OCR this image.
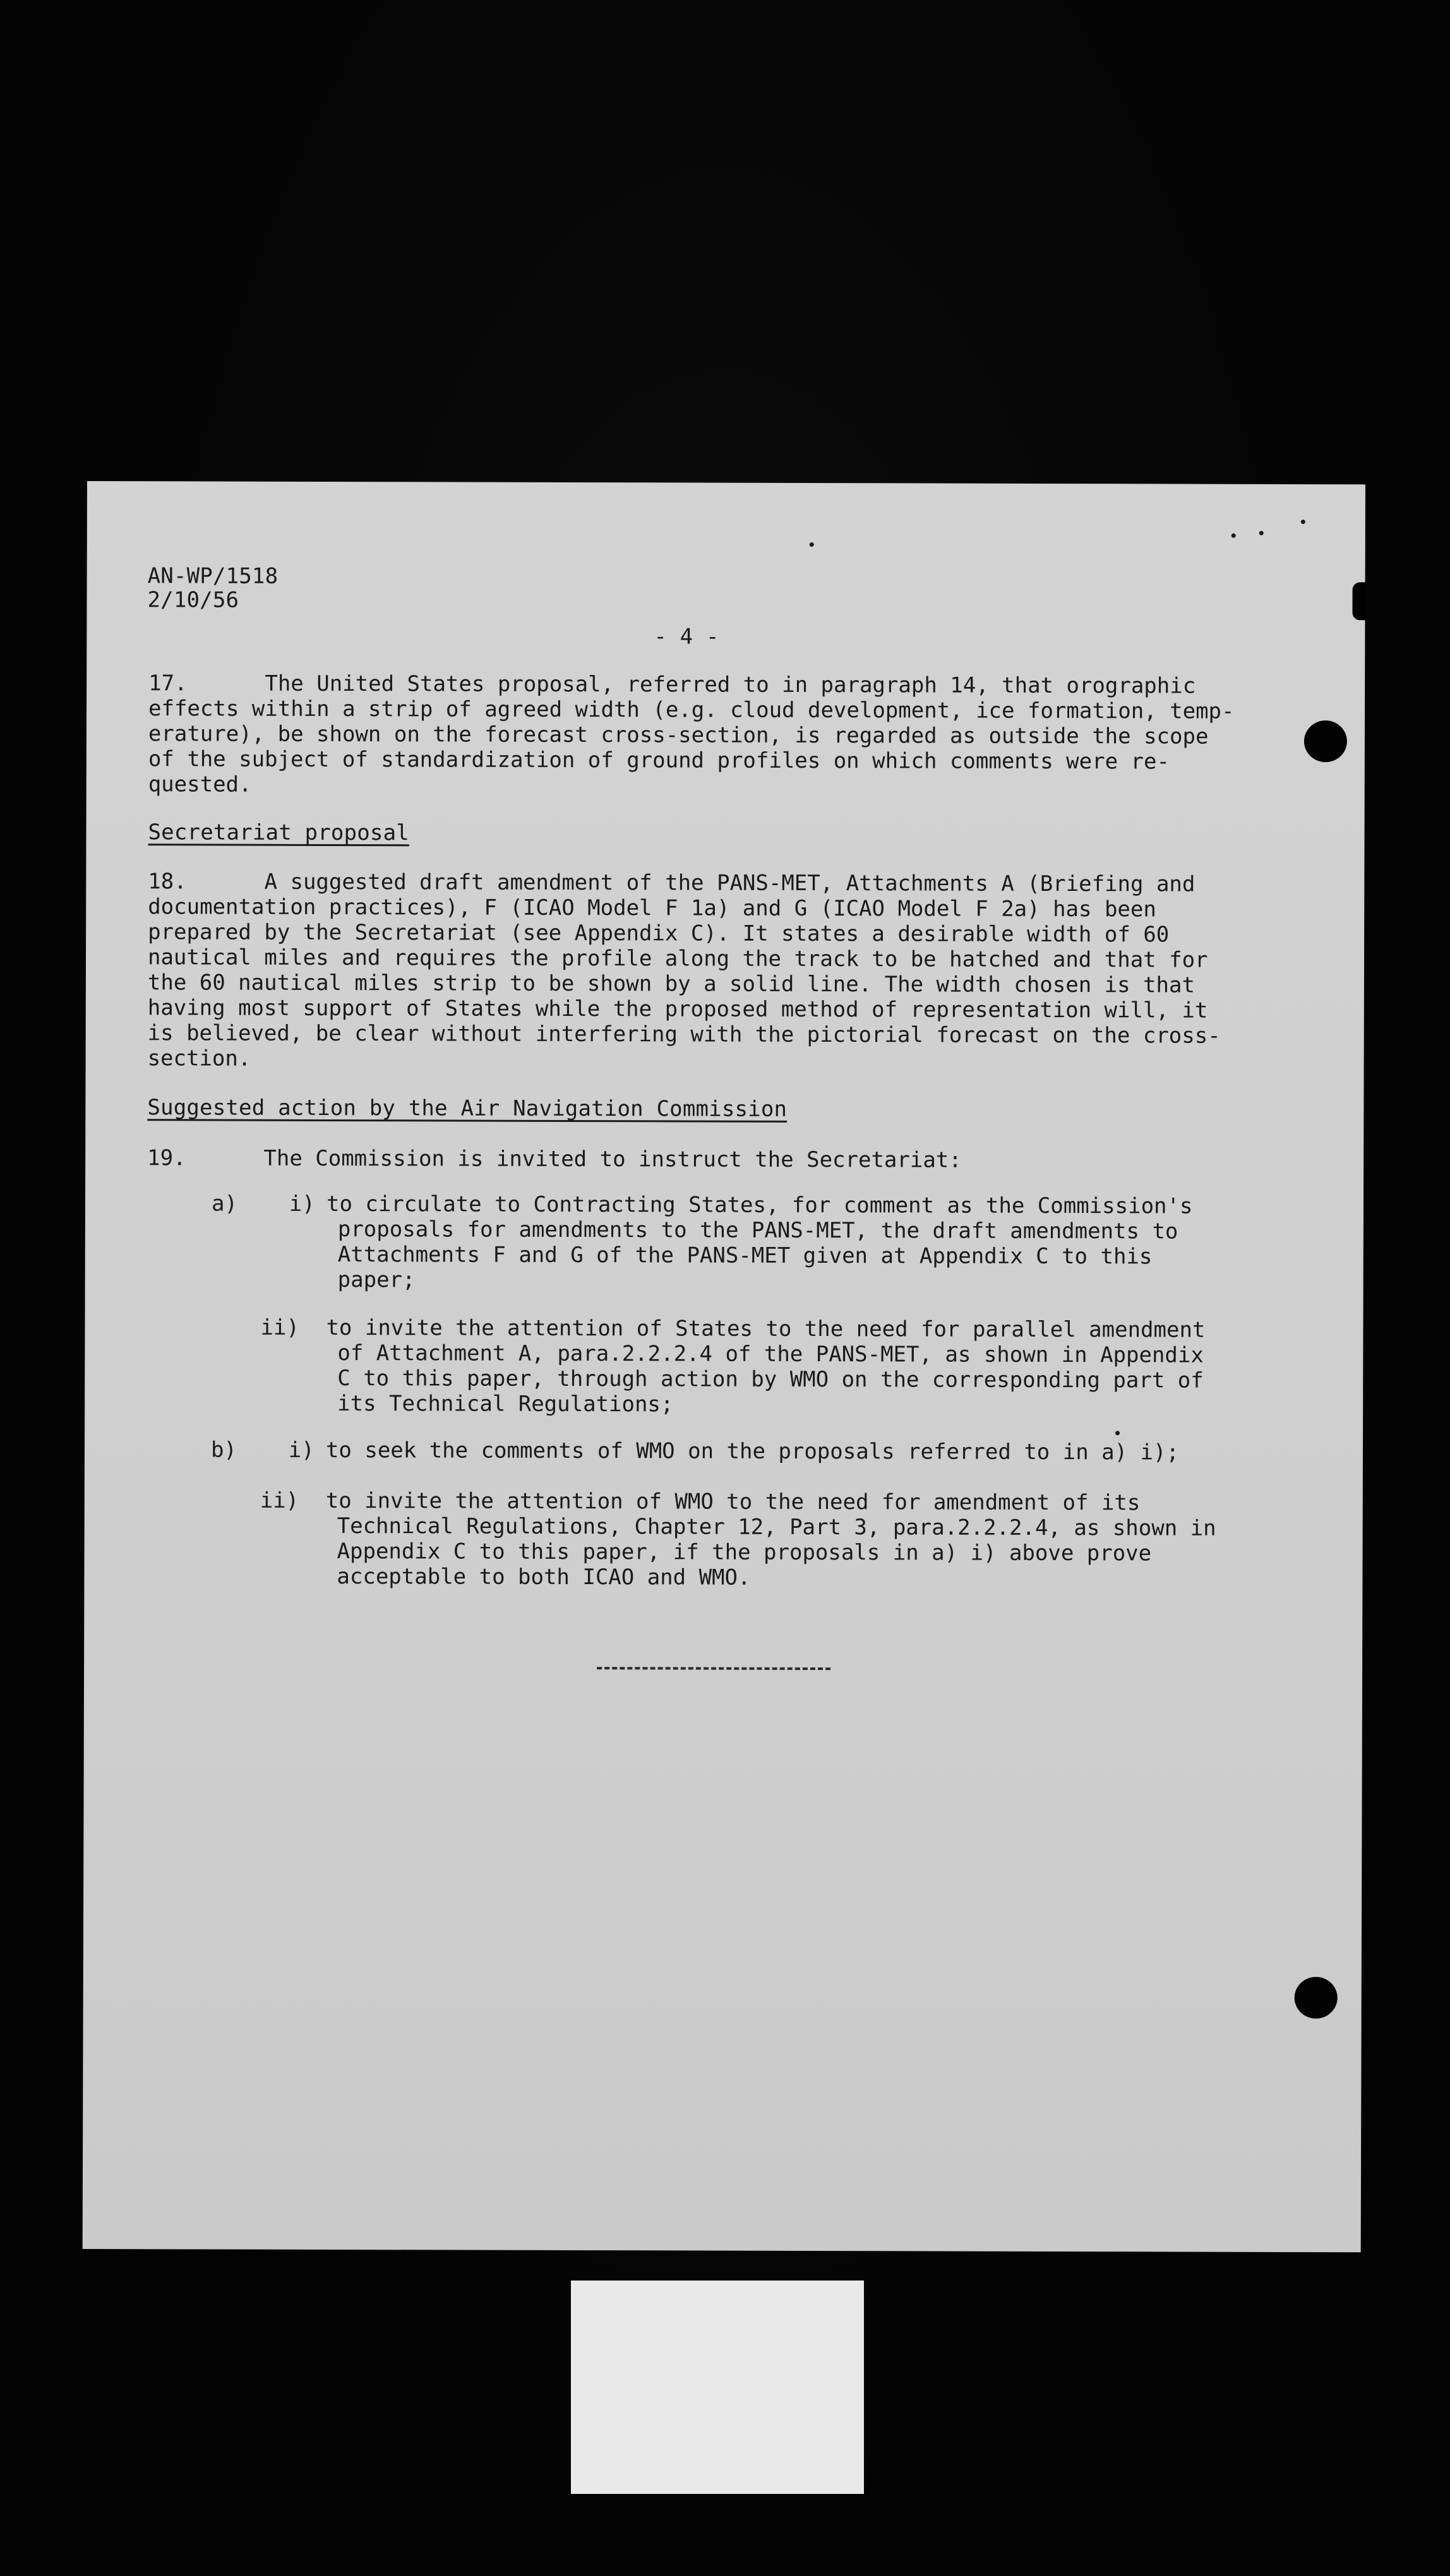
AN-WP/1518
2/10/56
- 4 -
17.      The United States proposal, referred to in paragraph 14, that orographic
effects within a strip of agreed width (e.g. cloud development, ice formation, temp-
erature), be shown on the forecast cross-section, is regarded as outside the scope
of the subject of standardization of ground profiles on which comments were re-
quested.
Secretariat proposal
18.      A suggested draft amendment of the PANS-MET, Attachments A (Briefing and
documentation practices), F (ICAO Model F 1a) and G (ICAO Model F 2a) has been
prepared by the Secretariat (see Appendix C). It states a desirable width of 60
nautical miles and requires the profile along the track to be hatched and that for
the 60 nautical miles strip to be shown by a solid line. The width chosen is that
having most support of States while the proposed method of representation will, it
is believed, be clear without interfering with the pictorial forecast on the cross-
section.
Suggested action by the Air Navigation Commission
19.      The Commission is invited to instruct the Secretariat:
a)    i) to circulate to Contracting States, for comment as the Commission's
proposals for amendments to the PANS-MET, the draft amendments to
Attachments F and G of the PANS-MET given at Appendix C to this
paper;
ii) to invite the attention of States to the need for parallel amendment
of Attachment A, para.2.2.2.4 of the PANS-MET, as shown in Appendix
C to this paper, through action by WMO on the corresponding part of
its Technical Regulations;
b)    i) to seek the comments of WMO on the proposals referred to in a) i);
ii) to invite the attention of WMO to the need for amendment of its
Technical Regulations, Chapter 12, Part 3, para.2.2.2.4, as shown in
Appendix C to this paper, if the proposals in a) i) above prove
acceptable to both ICAO and WMO.
